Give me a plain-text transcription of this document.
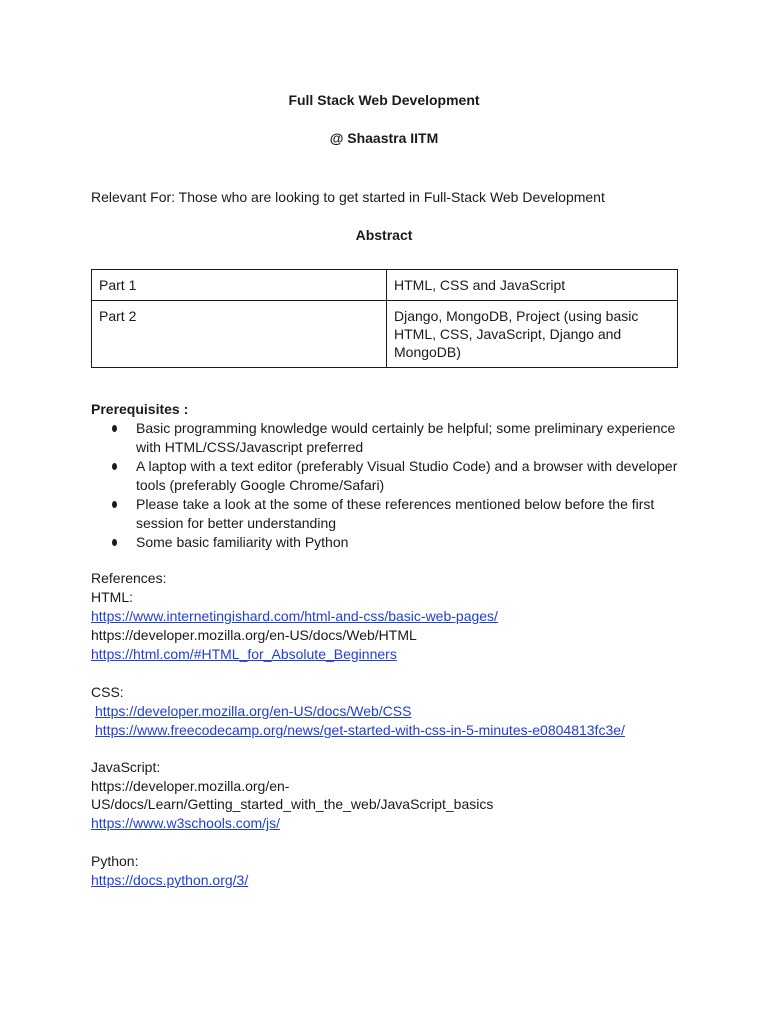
Full Stack Web Development
@ Shaastra IITM
Relevant For: Those who are looking to get started in Full-Stack Web Development
Abstract
Part 1	HTML, CSS and JavaScript
Part 2	Django, MongoDB, Project (using basic HTML, CSS, JavaScript, Django and MongoDB)
Prerequisites :
Basic programming knowledge would certainly be helpful; some preliminary experience with HTML/CSS/Javascript preferred
A laptop with a text editor (preferably Visual Studio Code) and a browser with developer tools (preferably Google Chrome/Safari)
Please take a look at the some of these references mentioned below before the first session for better understanding
Some basic familiarity with Python
References:
HTML:
https://www.internetingishard.com/html-and-css/basic-web-pages/
https://developer.mozilla.org/en-US/docs/Web/HTML
https://html.com/#HTML_for_Absolute_Beginners
CSS:
https://developer.mozilla.org/en-US/docs/Web/CSS
https://www.freecodecamp.org/news/get-started-with-css-in-5-minutes-e0804813fc3e/
JavaScript:
https://developer.mozilla.org/en-
US/docs/Learn/Getting_started_with_the_web/JavaScript_basics
https://www.w3schools.com/js/
Python:
https://docs.python.org/3/
